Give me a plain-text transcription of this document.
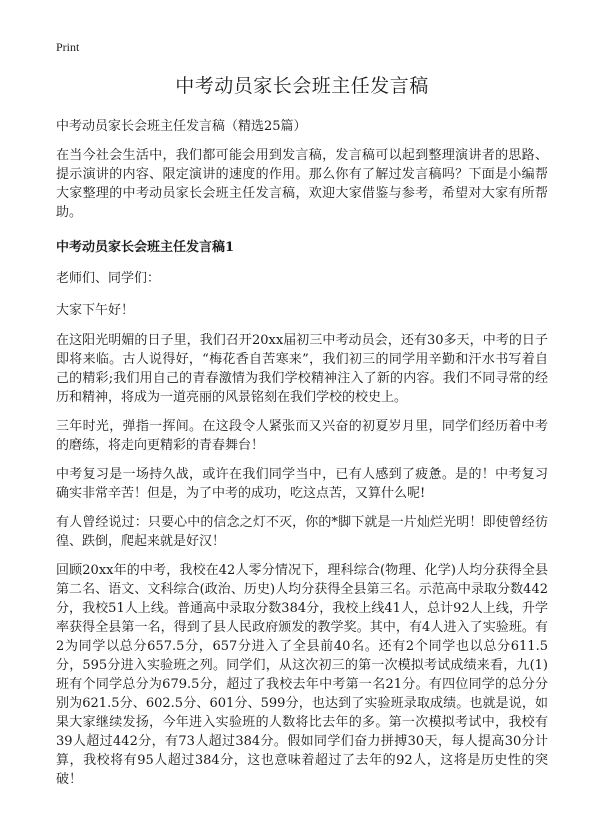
Print
中考动员家长会班主任发言稿
中考动员家长会班主任发言稿（精选25篇）

在当今社会生活中，我们都可能会用到发言稿，发言稿可以起到整理演讲者的思路、提示演讲的内容、限定演讲的速度的作用。那么你有了解过发言稿吗？下面是小编帮大家整理的中考动员家长会班主任发言稿，欢迎大家借鉴与参考，希望对大家有所帮助。

中考动员家长会班主任发言稿1
老师们、同学们：
大家下午好！

在这阳光明媚的日子里，我们召开20xx届初三中考动员会，还有30多天，中考的日子即将来临。古人说得好，“梅花香自苦寒来”，我们初三的同学用辛勤和汗水书写着自己的精彩;我们用自己的青春激情为我们学校精神注入了新的内容。我们不同寻常的经历和精神，将成为一道亮丽的风景铭刻在我们学校的校史上。

三年时光，弹指一挥间。在这段令人紧张而又兴奋的初夏岁月里，同学们经历着中考的磨练，将走向更精彩的青春舞台！

中考复习是一场持久战，或许在我们同学当中，已有人感到了疲惫。是的！中考复习确实非常辛苦！但是，为了中考的成功，吃这点苦，又算什么呢!

有人曾经说过：只要心中的信念之灯不灭，你的*脚下就是一片灿烂光明！即使曾经彷徨、跌倒，爬起来就是好汉！

回顾20xx年的中考，我校在42人零分情况下，理科综合(物理、化学)人均分获得全县第二名、语文、文科综合(政治、历史)人均分获得全县第三名。示范高中录取分数442分，我校51人上线。普通高中录取分数384分，我校上线41人，总计92人上线，升学率获得全县第一名，得到了县人民政府颁发的教学奖。其中，有4人进入了实验班。有2为同学以总分657.5分，657分进入了全县前40名。还有2个同学也以总分611.5分，595分进入实验班之列。同学们，从这次初三的第一次模拟考试成绩来看，九(1)班有个同学总分为679.5分，超过了我校去年中考第一名21分。有四位同学的总分分别为621.5分、602.5分、601分、599分，也达到了实验班录取成绩。也就是说，如果大家继续发扬，今年进入实验班的人数将比去年的多。第一次模拟考试中，我校有39人超过442分，有73人超过384分。假如同学们奋力拼搏30天，每人提高30分计算，我校将有95人超过384分，这也意味着超过了去年的92人，这将是历史性的突破！
